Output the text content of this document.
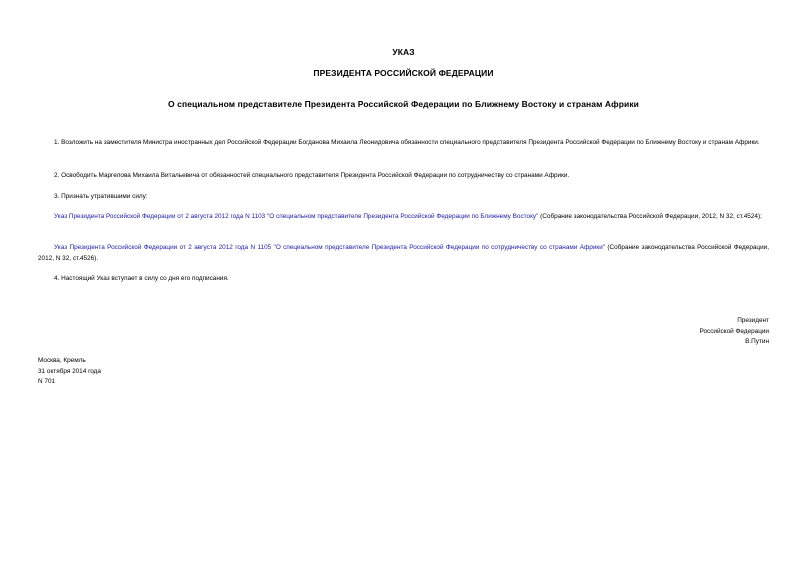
УКАЗ
ПРЕЗИДЕНТА РОССИЙСКОЙ ФЕДЕРАЦИИ
О специальном представителе Президента Российской Федерации по Ближнему Востоку и странам Африки
1. Возложить на заместителя Министра иностранных дел Российской Федерации Богданова Михаила Леонидовича обязанности специального представителя Президента Российской Федерации по Ближнему Востоку и странам Африки.
2. Освободить Маргелова Михаила Витальевича от обязанностей специального представителя Президента Российской Федерации по сотрудничеству со странами Африки.
3. Признать утратившими силу:
Указ Президента Российской Федерации от 2 августа 2012 года N 1103 "О специальном представителе Президента Российской Федерации по Ближнему Востоку" (Собрание законодательства Российской Федерации, 2012, N 32, ст.4524);
Указ Президента Российской Федерации от 2 августа 2012 года N 1105 "О специальном представителе Президента Российской Федерации по сотрудничеству со странами Африки" (Собрание законодательства Российской Федерации, 2012, N 32, ст.4526).
4. Настоящий Указ вступает в силу со дня его подписания.
Президент
Российской Федерации
В.Путин
Москва, Кремль
31 октября 2014 года
N 701
